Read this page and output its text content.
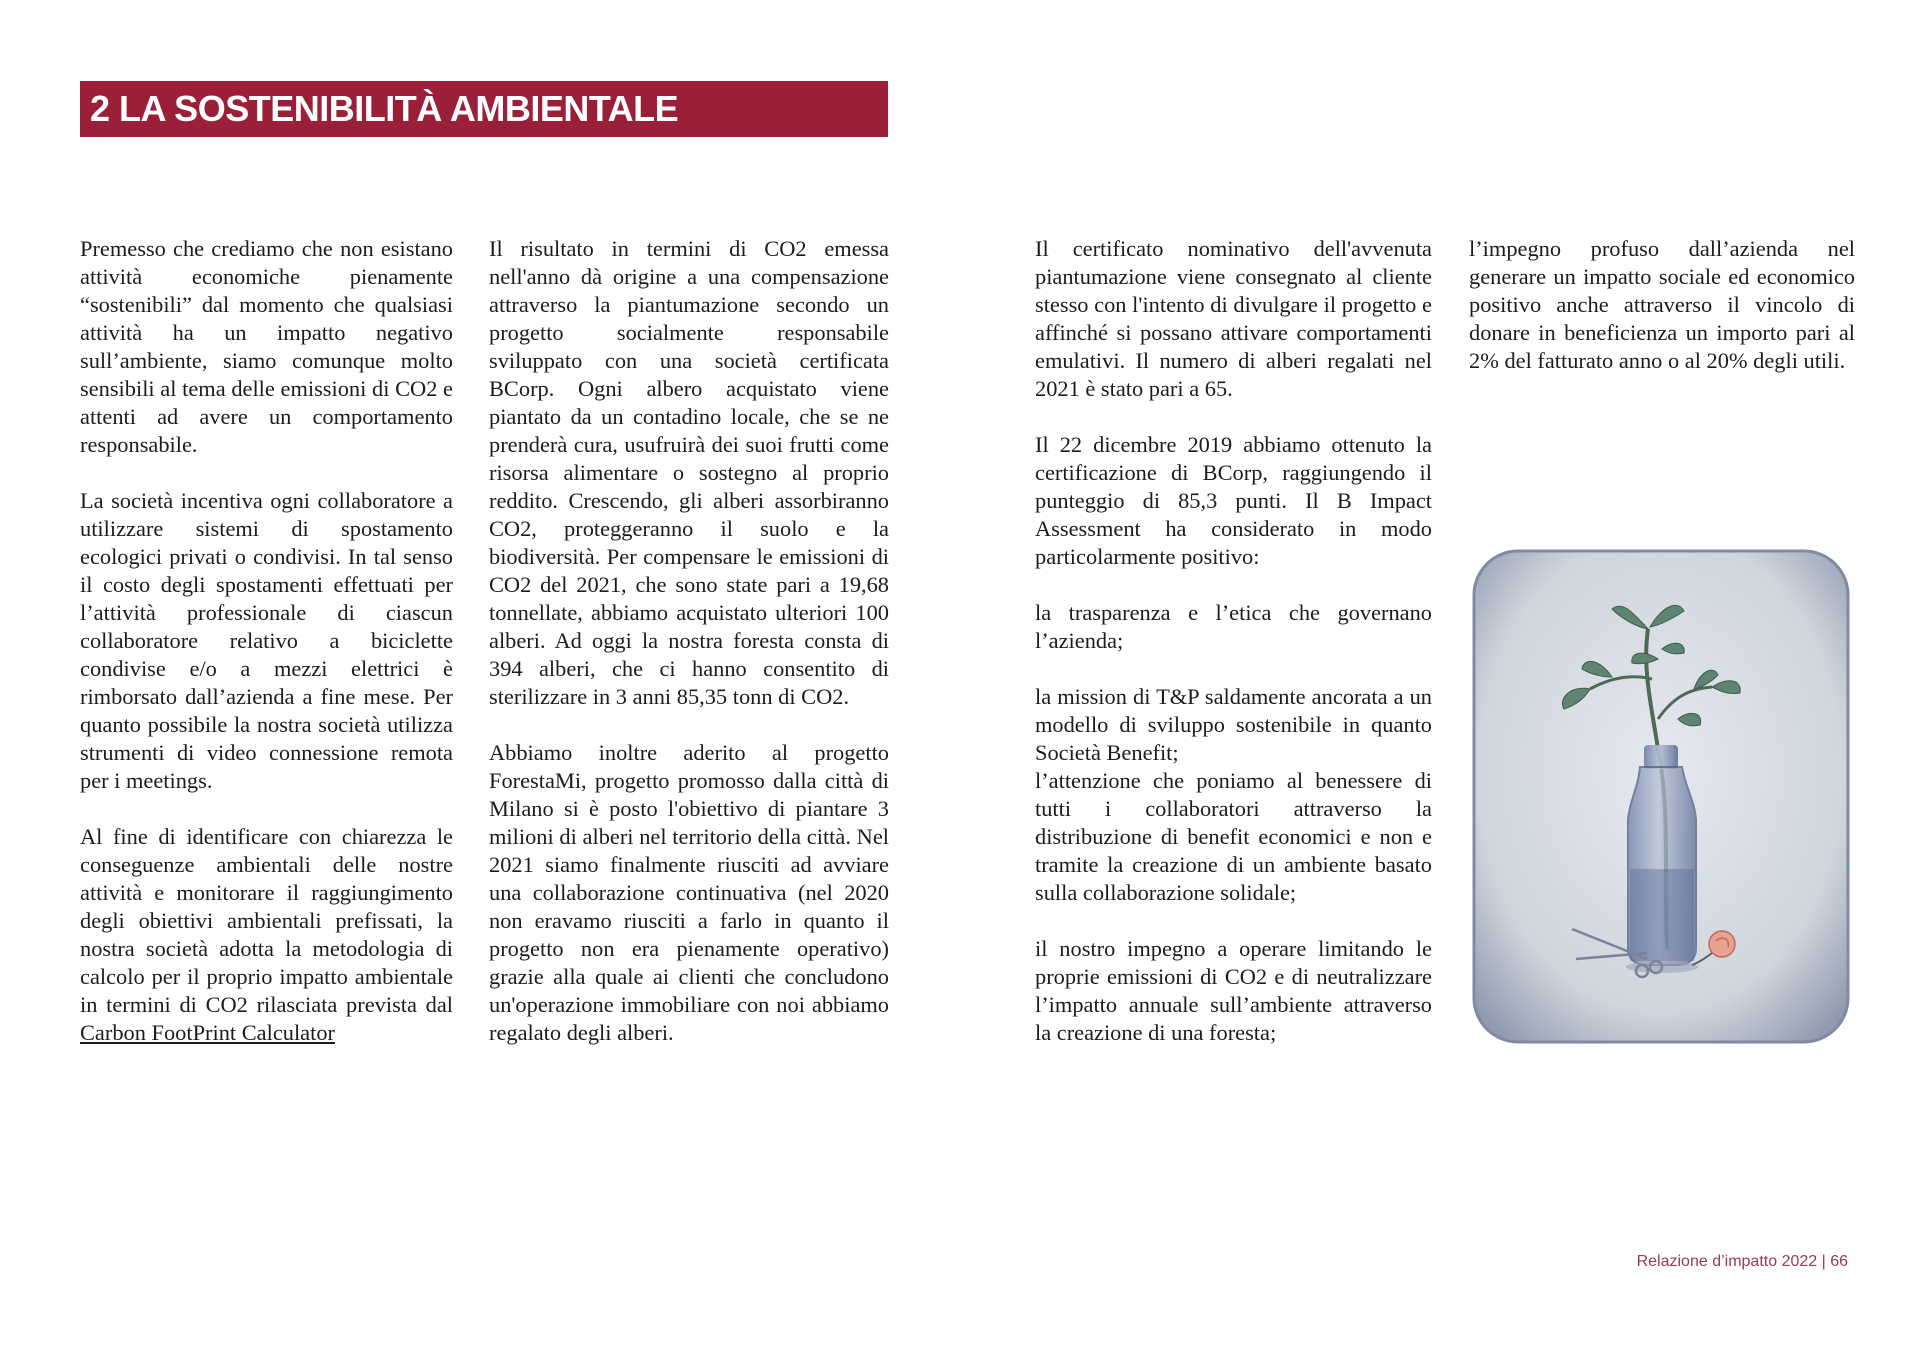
2 LA SOSTENIBILITÀ AMBIENTALE

Premesso che crediamo che non esistano attività economiche pienamente “sostenibili” dal momento che qualsiasi attività ha un impatto negativo sull’ambiente, siamo comunque molto sensibili al tema delle emissioni di CO2 e attenti ad avere un comportamento responsabile.

La società incentiva ogni collaboratore a utilizzare sistemi di spostamento ecologici privati o condivisi. In tal senso il costo degli spostamenti effettuati per l’attività professionale di ciascun collaboratore relativo a biciclette condivise e/o a mezzi elettrici è rimborsato dall’azienda a fine mese. Per quanto possibile la nostra società utilizza strumenti di video connessione remota per i meetings.

Al fine di identificare con chiarezza le conseguenze ambientali delle nostre attività e monitorare il raggiungimento degli obiettivi ambientali prefissati, la nostra società adotta la metodologia di calcolo per il proprio impatto ambientale in termini di CO2 rilasciata prevista dal Carbon FootPrint Calculator

Il risultato in termini di CO2 emessa nell'anno dà origine a una compensazione attraverso la piantumazione secondo un progetto socialmente responsabile sviluppato con una società certificata BCorp. Ogni albero acquistato viene piantato da un contadino locale, che se ne prenderà cura, usufruirà dei suoi frutti come risorsa alimentare o sostegno al proprio reddito. Crescendo, gli alberi assorbiranno CO2, proteggeranno il suolo e la biodiversità. Per compensare le emissioni di CO2 del 2021, che sono state pari a 19,68 tonnellate, abbiamo acquistato ulteriori 100 alberi. Ad oggi la nostra foresta consta di 394 alberi, che ci hanno consentito di sterilizzare in 3 anni 85,35 tonn di CO2.

Abbiamo inoltre aderito al progetto ForestaMi, progetto promosso dalla città di Milano si è posto l'obiettivo di piantare 3 milioni di alberi nel territorio della città. Nel 2021 siamo finalmente riusciti ad avviare una collaborazione continuativa (nel 2020 non eravamo riusciti a farlo in quanto il progetto non era pienamente operativo) grazie alla quale ai clienti che concludono un'operazione immobiliare con noi abbiamo regalato degli alberi.

Il certificato nominativo dell'avvenuta piantumazione viene consegnato al cliente stesso con l'intento di divulgare il progetto e affinché si possano attivare comportamenti emulativi. Il numero di alberi regalati nel 2021 è stato pari a 65.

Il 22 dicembre 2019 abbiamo ottenuto la certificazione di BCorp, raggiungendo il punteggio di 85,3 punti. Il B Impact Assessment ha considerato in modo particolarmente positivo:

la trasparenza e l’etica che governano l’azienda;

la mission di T&P saldamente ancorata a un modello di sviluppo sostenibile in quanto Società Benefit;

l’attenzione che poniamo al benessere di tutti i collaboratori attraverso la distribuzione di benefit economici e non e tramite la creazione di un ambiente basato sulla collaborazione solidale;

il nostro impegno a operare limitando le proprie emissioni di CO2 e di neutralizzare l’impatto annuale sull’ambiente attraverso la creazione di una foresta;

l’impegno profuso dall’azienda nel generare un impatto sociale ed economico positivo anche attraverso il vincolo di donare in beneficienza un importo pari al 2% del fatturato anno o al 20% degli utili.

Relazione d’impatto 2022 | 66
